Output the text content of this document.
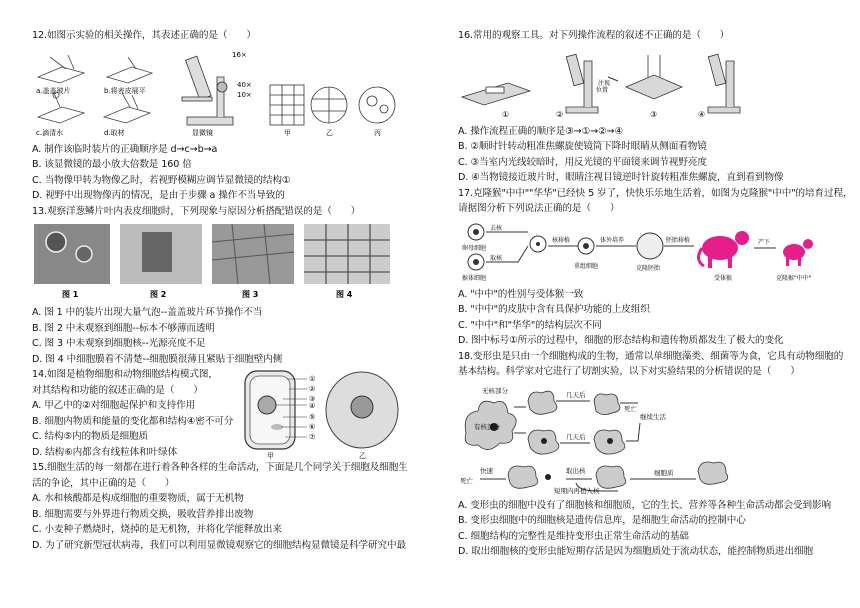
12.如图示实验的相关操作，其表述正确的是（　　）
a.盖盖玻片	b.将表皮展平
c.滴清水	d.取材
16×
40×
10×
显微镜	甲	乙	丙
A. 制作该临时装片的正确顺序是 d→c→b→a
B. 该显微镜的最小放大倍数是 160 倍
C. 当物像甲转为物像乙时，若视野模糊应调节显微镜的结构①
D. 视野中出现物像丙的情况，是由于步骤 a 操作不当导致的
13.观察洋葱鳞片叶内表皮细胞时，下列现象与原因分析搭配错误的是（　　）
图 1	图 2	图 3	图 4
A. 图 1 中的装片出现大量气泡--盖盖玻片环节操作不当
B. 图 2 中未观察到细胞--标本不够薄而透明
C. 图 3 中未观察到细胞核--光源亮度不足
D. 图 4 中细胞膜看不清楚--细胞膜很薄且紧贴于细胞壁内侧
14.如图是植物细胞和动物细胞结构模式图，
对其结构和功能的叙述正确的是（　　）
A. 甲乙中的②对细胞起保护和支持作用
B. 细胞内物质和能量的变化都和结构④密不可分
C. 结构⑤内的物质是细胞质
D. 结构⑥内都含有线粒体和叶绿体
①
②
③
④
⑤
⑥
⑦
甲	乙
15.细胞生活的每一刻都在进行着各种各样的生命活动，下面是几个同学关于细胞及细胞生
活的争论，其中正确的是（　　）
A. 水和核酸都是构成细胞的重要物质，属于无机物
B. 细胞需要与外界进行物质交换，吸收营养排出废物
C. 小麦种子燃烧时，烧掉的是无机物，并将化学能释放出来
D. 为了研究新型冠状病毒，我们可以利用显微镜观察它的细胞结构显微镜是科学研究中最
16.常用的观察工具。对下列操作流程的叙述不正确的是（　　）
注视
位置
①	②	③	④
A. 操作流程正确的顺序是③→①→②→④
B. ②顺时针转动粗准焦螺旋使镜筒下降时眼睛从侧面看物镜
C. ③当室内光线较暗时，用反光镜的平面镜来调节视野亮度
D. ④当物镜接近玻片时，眼睛注视目镜逆时针旋转粗准焦螺旋，直到看到物像
17.克隆猴"中中""华华"已经快 5 岁了，快快乐乐地生活着，如图为克隆猴"中中"的培育过程，
请据图分析下列说法正确的是（　　）
卵母细胞
猴体细胞
去核
取核
核移植
重组细胞
体外培养
克隆胚胎
胚胎移植
受体猴
产下
克隆猴"中中"
A. "中中"的性别与受体猴一致
B. "中中"的皮肤中含有具保护功能的上皮组织
C. "中中"和"华华"的结构层次不同
D. 图中标号①所示的过程中，细胞的形态结构和遗传物质都发生了极大的变化
18.变形虫是只由一个细胞构成的生物，通常以单细胞藻类、细菌等为食，它具有动物细胞的
基本结构。科学家对它进行了切割实验，以下对实验结果的分析错误的是（　　）
无核部分	几天后
死亡
继续生活
有核部分
几天后
死亡
快速	取出核
短期内再植入核
细胞质
A. 变形虫的细胞中没有了细胞核和细胞质，它的生长、营养等各种生命活动都会受到影响
B. 变形虫细胞中的细胞核是遗传信息库，是细胞生命活动的控制中心
C. 细胞结构的完整性是维持变形虫正常生命活动的基础
D. 取出细胞核的变形虫能短期存活是因为细胞质处于流动状态，能控制物质进出细胞
